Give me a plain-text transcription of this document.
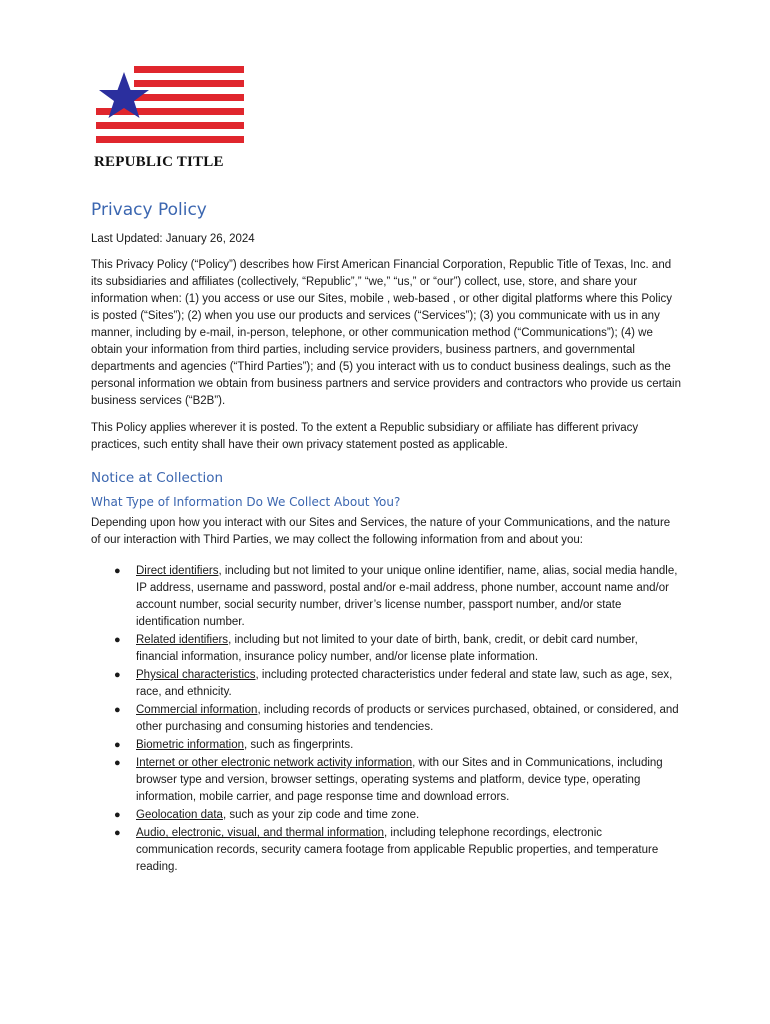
REPUBLIC TITLE
Privacy Policy

Last Updated: January 26, 2024

This Privacy Policy (“Policy”) describes how First American Financial Corporation, Republic Title of Texas, Inc. and its subsidiaries and affiliates (collectively, “Republic”,” “we,” “us,” or “our”) collect, use, store, and share your information when: (1) you access or use our Sites, mobile , web-based , or other digital platforms where this Policy is posted (“Sites”); (2) when you use our products and services (“Services”); (3) you communicate with us in any manner, including by e-mail, in-person, telephone, or other communication method (“Communications”); (4) we obtain your information from third parties, including service providers, business partners, and governmental departments and agencies (“Third Parties”); and (5) you interact with us to conduct business dealings, such as the personal information we obtain from business partners and service providers and contractors who provide us certain business services (“B2B”).

This Policy applies wherever it is posted. To the extent a Republic subsidiary or affiliate has different privacy practices, such entity shall have their own privacy statement posted as applicable.

Notice at Collection
What Type of Information Do We Collect About You?

Depending upon how you interact with our Sites and Services, the nature of your Communications, and the nature of our interaction with Third Parties, we may collect the following information from and about you:

● Direct identifiers, including but not limited to your unique online identifier, name, alias, social media handle, IP address, username and password, postal and/or e-mail address, phone number, account name and/or account number, social security number, driver’s license number, passport number, and/or state identification number.
● Related identifiers, including but not limited to your date of birth, bank, credit, or debit card number, financial information, insurance policy number, and/or license plate information.
● Physical characteristics, including protected characteristics under federal and state law, such as age, sex, race, and ethnicity.
● Commercial information, including records of products or services purchased, obtained, or considered, and other purchasing and consuming histories and tendencies.
● Biometric information, such as fingerprints.
● Internet or other electronic network activity information, with our Sites and in Communications, including browser type and version, browser settings, operating systems and platform, device type, operating information, mobile carrier, and page response time and download errors.
● Geolocation data, such as your zip code and time zone.
● Audio, electronic, visual, and thermal information, including telephone recordings, electronic communication records, security camera footage from applicable Republic properties, and temperature reading.
